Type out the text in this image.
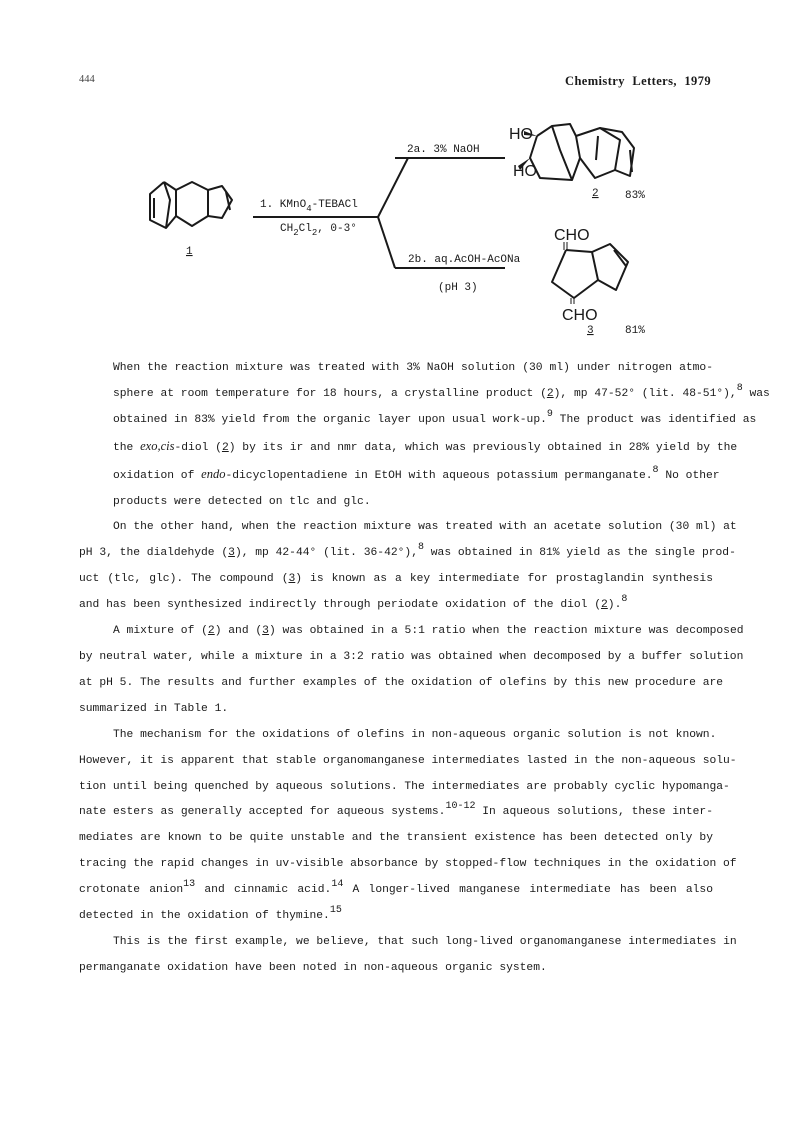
444	Chemistry Letters, 1979
HO
HO
CHO
CHO
1. KMnO$_4$-TEBACl
$CH_2Cl_2$, 0-3°
2a. 3% NaOH
2b. aq.AcOH-AcONa
(pH 3)
1
2 83%
3	81%

When the reaction mixture was treated with 3% NaOH solution (30 ml) under nitrogen atmo-
sphere at room temperature for 18 hours, a crystalline product (2), mp 47-52° (lit. 48-51°),$^8$ was
obtained in 83% yield from the organic layer upon usual work-up.$^9$ The product was identified as
the exo,cis-diol (2) by its ir and nmr data, which was previously obtained in 28% yield by the
oxidation of endo-dicyclopentadiene in EtOH with aqueous potassium permanganate.$^8$ No other
products were detected on tlc and glc.

On the other hand, when the reaction mixture was treated with an acetate solution (30 ml) at
pH 3, the dialdehyde (3), mp 42-44° (lit. 36-42°),$^8$ was obtained in 81% yield as the single prod-
uct (tlc, glc). The compound (3) is known as a key intermediate for prostaglandin synthesis
and has been synthesized indirectly through periodate oxidation of the diol (2).$^8$

A mixture of (2) and (3) was obtained in a 5:1 ratio when the reaction mixture was decomposed
by neutral water, while a mixture in a 3:2 ratio was obtained when decomposed by a buffer solution
at pH 5. The results and further examples of the oxidation of olefins by this new procedure are
summarized in Table 1.

The mechanism for the oxidations of olefins in non-aqueous organic solution is not known.
However, it is apparent that stable organomanganese intermediates lasted in the non-aqueous solu-
tion until being quenched by aqueous solutions. The intermediates are probably cyclic hypomanga-
nate esters as generally accepted for aqueous systems.$^{10-12}$ In aqueous solutions, these inter-
mediates are known to be quite unstable and the transient existence has been detected only by
tracing the rapid changes in uv-visible absorbance by stopped-flow techniques in the oxidation of
crotonate anion$^{13}$ and cinnamic acid.$^{14}$ A longer-lived manganese intermediate has been also
detected in the oxidation of thymine.$^{15}$

This is the first example, we believe, that such long-lived organomanganese intermediates in
permanganate oxidation have been noted in non-aqueous organic system.
